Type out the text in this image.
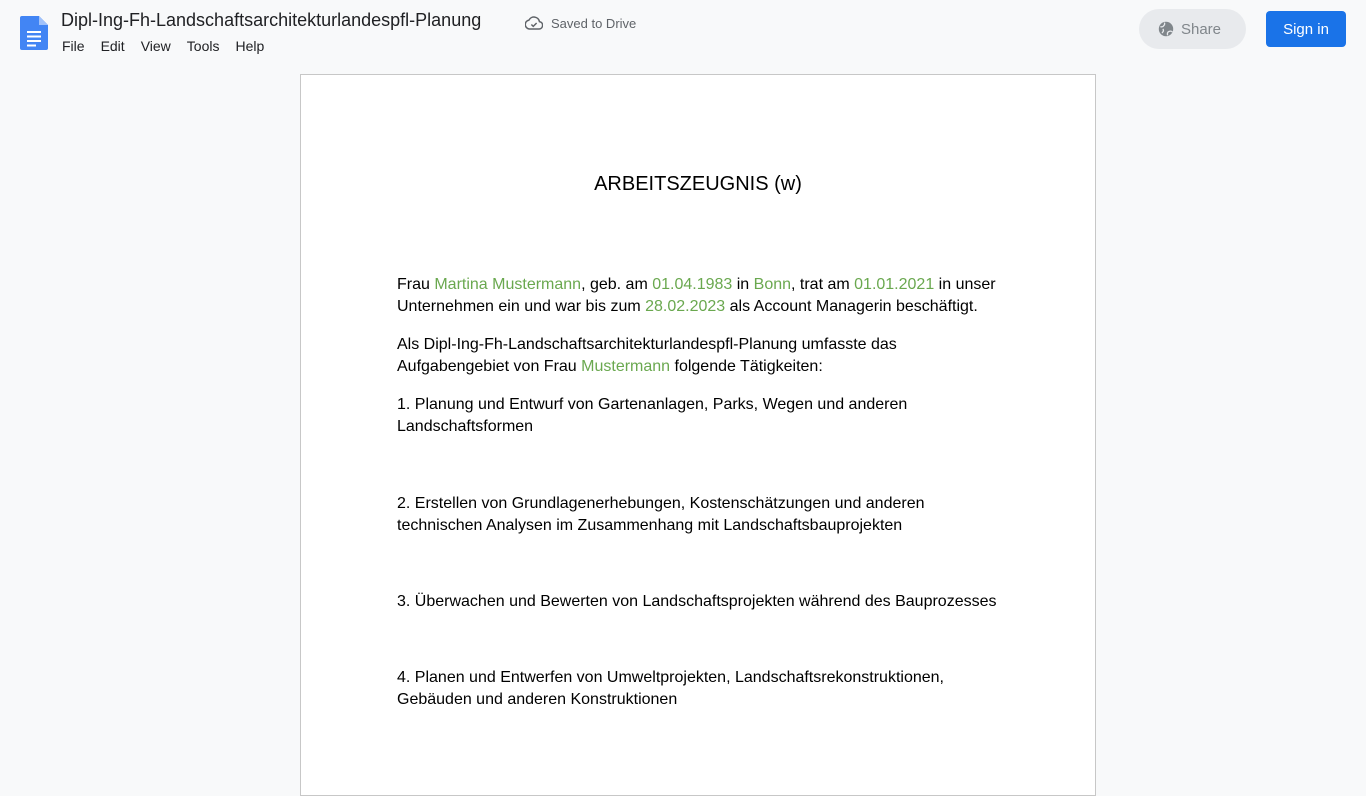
Dipl-Ing-Fh-Landschaftsarchitekturlandespfl-Planung	Saved to Drive
File	Edit	View	Tools	Help
Share	Sign in
ARBEITSZEUGNIS (w)
Frau Martina Mustermann, geb. am 01.04.1983 in Bonn, trat am 01.01.2021 in unser Unternehmen ein und war bis zum 28.02.2023 als Account Managerin beschäftigt.
Als Dipl-Ing-Fh-Landschaftsarchitekturlandespfl-Planung umfasste das Aufgabengebiet von Frau Mustermann folgende Tätigkeiten:
1. Planung und Entwurf von Gartenanlagen, Parks, Wegen und anderen Landschaftsformen
2. Erstellen von Grundlagenerhebungen, Kostenschätzungen und anderen technischen Analysen im Zusammenhang mit Landschaftsbauprojekten
3. Überwachen und Bewerten von Landschaftsprojekten während des Bauprozesses
4. Planen und Entwerfen von Umweltprojekten, Landschaftsrekonstruktionen, Gebäuden und anderen Konstruktionen
